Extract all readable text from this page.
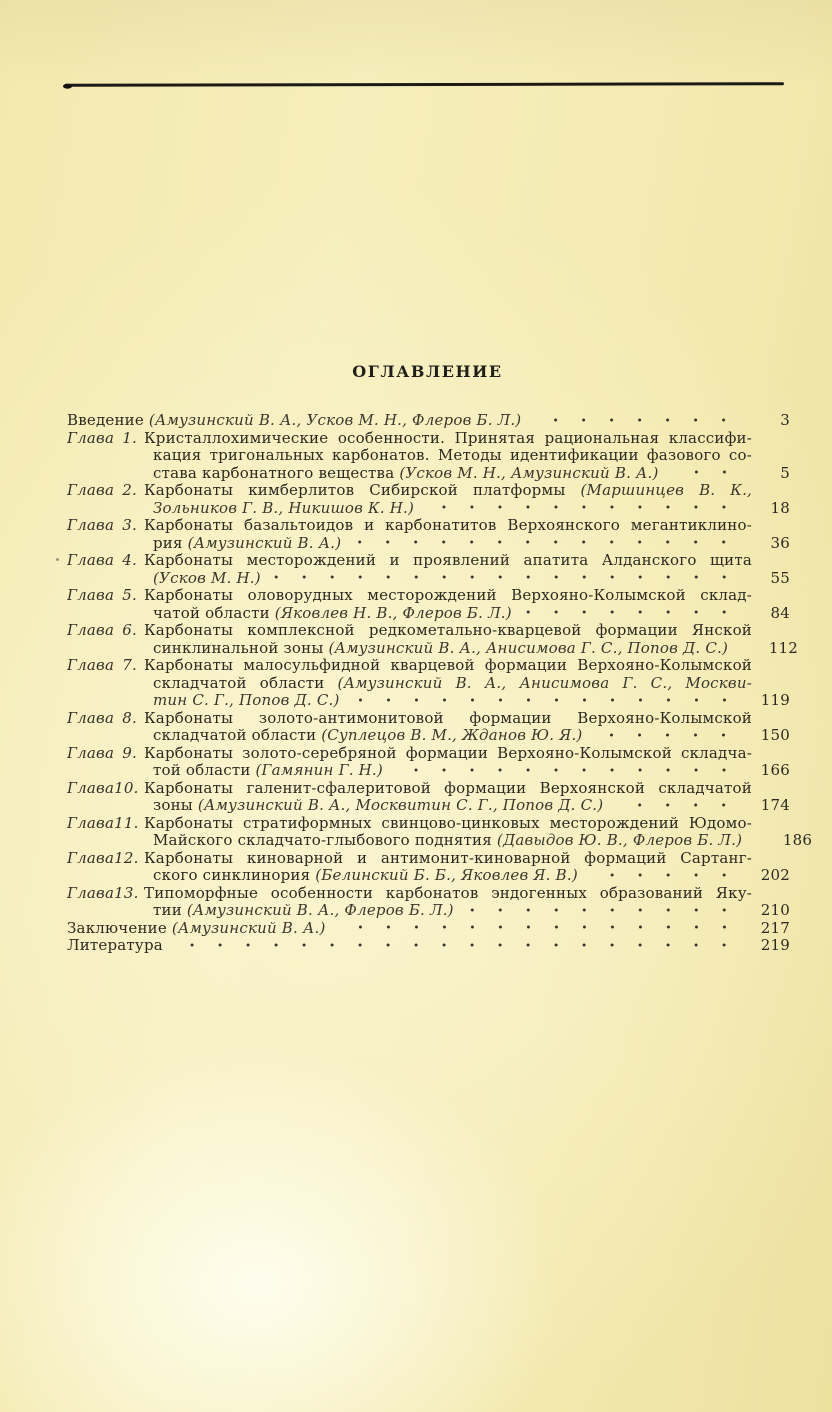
ОГЛАВЛЕНИЕ
Введение (Амузинский В. А., Усков М. Н., Флеров Б. Л.)	3
Глава 1. Кристаллохимические особенности. Принятая рациональная классифи-
кация тригональных карбонатов. Методы идентификации фазового со-
става карбонатного вещества (Усков М. Н., Амузинский В. А.)	5
Глава 2. Карбонаты кимберлитов Сибирской платформы (Маршинцев В. К.,
Зольников Г. В., Никишов К. Н.)	18
Глава 3. Карбонаты базальтоидов и карбонатитов Верхоянского мегантиклино-
рия (Амузинский В. А.)	36
Глава 4. Карбонаты месторождений и проявлений апатита Алданского щита
(Усков М. Н.)	55
Глава 5. Карбонаты оловорудных месторождений Верхояно-Колымской склад-
чатой области (Яковлев Н. В., Флеров Б. Л.)	84
Глава 6. Карбонаты комплексной редкометально-кварцевой формации Янской
синклинальной зоны (Амузинский В. А., Анисимова Г. С., Попов Д. С.)	112
Глава 7. Карбонаты малосульфидной кварцевой формации Верхояно-Колымской
складчатой области (Амузинский В. А., Анисимова Г. С., Москви-
тин С. Г., Попов Д. С.)	119
Глава 8. Карбонаты золото-антимонитовой формации Верхояно-Колымской
складчатой области (Суплецов В. М., Жданов Ю. Я.)	150
Глава 9. Карбонаты золото-серебряной формации Верхояно-Колымской складча-
той области (Гамянин Г. Н.)	166
Глава 10. Карбонаты галенит-сфалеритовой формации Верхоянской складчатой
зоны (Амузинский В. А., Москвитин С. Г., Попов Д. С.)	174
Глава 11. Карбонаты стратиформных свинцово-цинковых месторождений Юдомо-
Майского складчато-глыбового поднятия (Давыдов Ю. В., Флеров Б. Л.)	186
Глава 12. Карбонаты киноварной и антимонит-киноварной формаций Сартанг-
ского синклинория (Белинский Б. Б., Яковлев Я. В.)	202
Глава 13. Типоморфные особенности карбонатов эндогенных образований Яку-
тии (Амузинский В. А., Флеров Б. Л.)	210
Заключение (Амузинский В. А.)	217
Литература	219
